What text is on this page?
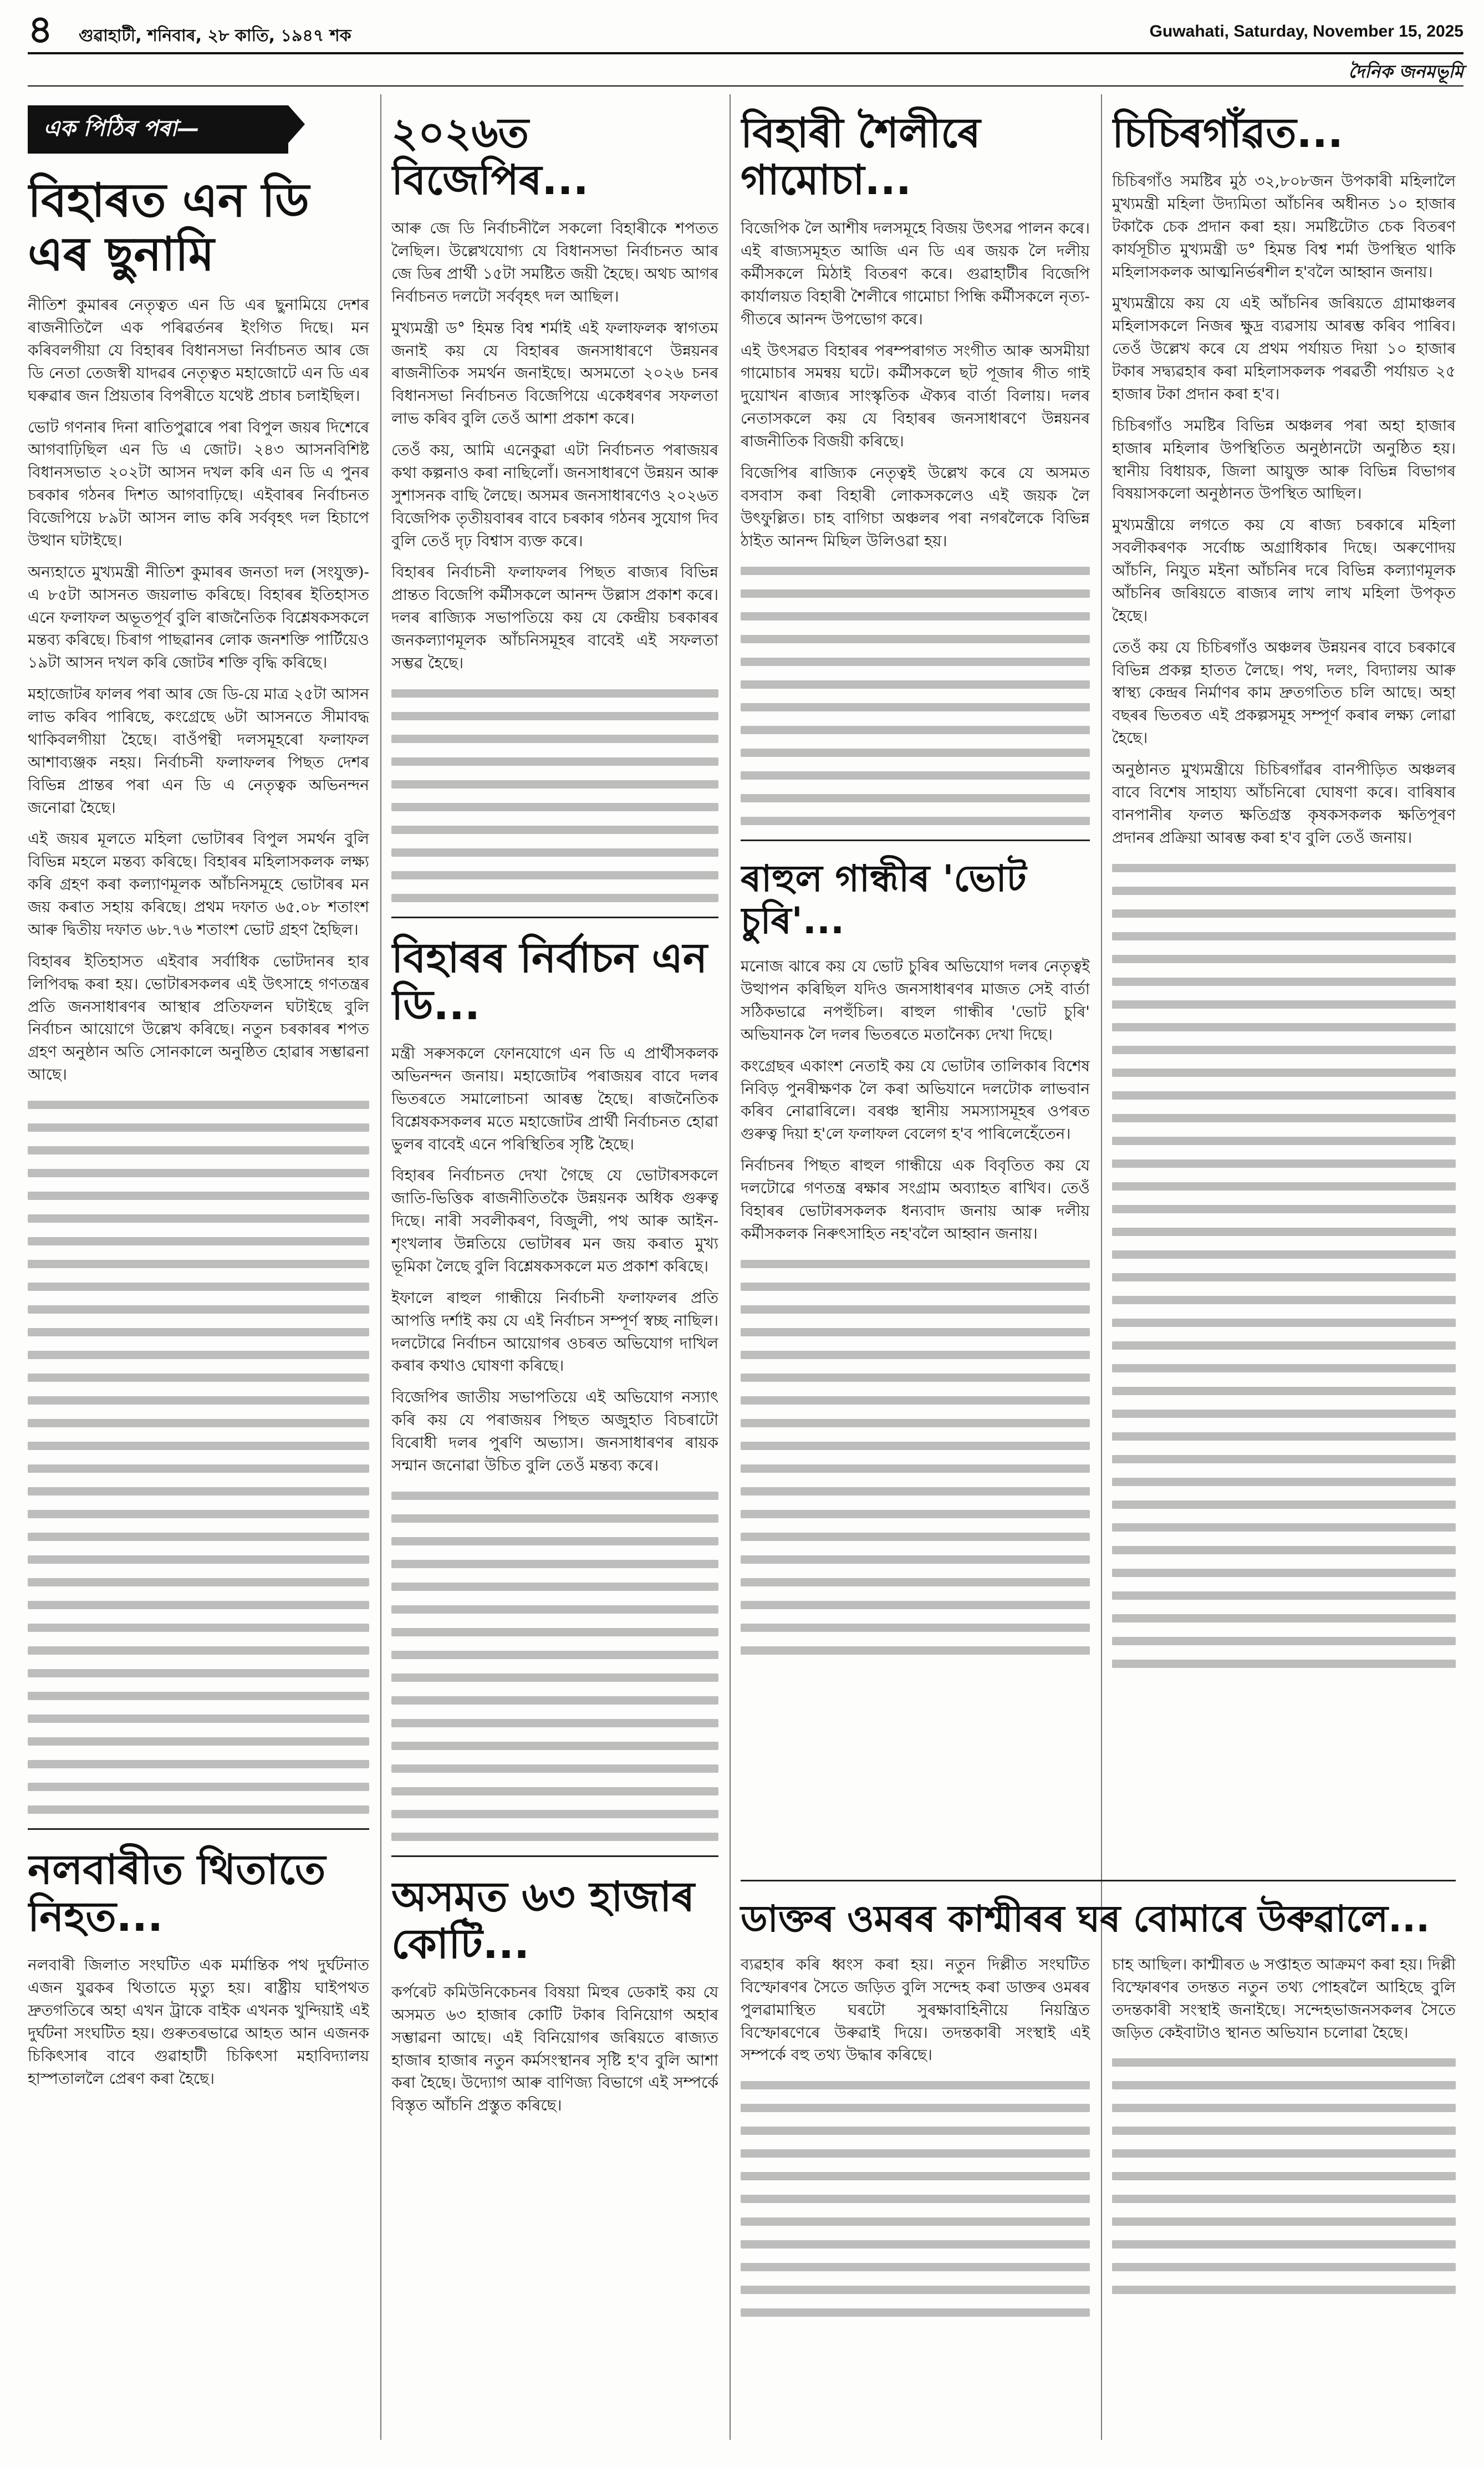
৪ গুৱাহাটী, শনিবাৰ, ২৮ কাতি, ১৯৪৭ শক	Guwahati, Saturday, November 15, 2025
দৈনিক জনমভূমি
এক পিঠিৰ পৰা—
বিহাৰত এন ডি এৰ ছুনামি

নীতিশ কুমাৰৰ নেতৃত্বত এন ডি এৰ ছুনামিয়ে দেশৰ ৰাজনীতিলৈ এক পৰিৱৰ্তনৰ ইংগিত দিছে। মন কৰিবলগীয়া যে বিহাৰৰ বিধানসভা নিৰ্বাচনত আৰ জে ডি নেতা তেজস্বী যাদৱৰ নেতৃত্বত মহাজোটে এন ডি এৰ ঘৰুৱাৰ জন প্ৰিয়তাৰ বিপৰীতে যথেষ্ট প্ৰচাৰ চলাইছিল।

ভোট গণনাৰ দিনা ৰাতিপুৱাৰে পৰা বিপুল জয়ৰ দিশেৰে আগবাঢ়িছিল এন ডি এ জোট। ২৪৩ আসনবিশিষ্ট বিধানসভাত ২০২টা আসন দখল কৰি এন ডি এ পুনৰ চৰকাৰ গঠনৰ দিশত আগবাঢ়িছে। এইবাৰৰ নিৰ্বাচনত বিজেপিয়ে ৮৯টা আসন লাভ কৰি সৰ্ববৃহৎ দল হিচাপে উত্থান ঘটাইছে।

অন্যহাতে মুখ্যমন্ত্ৰী নীতিশ কুমাৰৰ জনতা দল (সংযুক্ত)-এ ৮৫টা আসনত জয়লাভ কৰিছে। বিহাৰৰ ইতিহাসত এনে ফলাফল অভূতপূৰ্ব বুলি ৰাজনৈতিক বিশ্লেষকসকলে মন্তব্য কৰিছে। চিৰাগ পাছৱানৰ লোক জনশক্তি পাৰ্টিয়েও ১৯টা আসন দখল কৰি জোটৰ শক্তি বৃদ্ধি কৰিছে।

মহাজোটৰ ফালৰ পৰা আৰ জে ডি-য়ে মাত্ৰ ২৫টা আসন লাভ কৰিব পাৰিছে, কংগ্ৰেছে ৬টা আসনতে সীমাবদ্ধ থাকিবলগীয়া হৈছে। বাওঁপন্থী দলসমূহৰো ফলাফল আশাব্যঞ্জক নহয়। নিৰ্বাচনী ফলাফলৰ পিছত দেশৰ বিভিন্ন প্ৰান্তৰ পৰা এন ডি এ নেতৃত্বক অভিনন্দন জনোৱা হৈছে।

এই জয়ৰ মূলতে মহিলা ভোটাৰৰ বিপুল সমৰ্থন বুলি বিভিন্ন মহলে মন্তব্য কৰিছে। বিহাৰৰ মহিলাসকলক লক্ষ্য কৰি গ্ৰহণ কৰা কল্যাণমূলক আঁচনিসমূহে ভোটাৰৰ মন জয় কৰাত সহায় কৰিছে। প্ৰথম দফাত ৬৫.০৮ শতাংশ আৰু দ্বিতীয় দফাত ৬৮.৭৬ শতাংশ ভোট গ্ৰহণ হৈছিল।

বিহাৰৰ ইতিহাসত এইবাৰ সৰ্বাধিক ভোটদানৰ হাৰ লিপিবদ্ধ কৰা হয়। ভোটাৰসকলৰ এই উৎসাহে গণতন্ত্ৰৰ প্ৰতি জনসাধাৰণৰ আস্থাৰ প্ৰতিফলন ঘটাইছে বুলি নিৰ্বাচন আয়োগে উল্লেখ কৰিছে। নতুন চৰকাৰৰ শপত গ্ৰহণ অনুষ্ঠান অতি সোনকালে অনুষ্ঠিত হোৱাৰ সম্ভাৱনা আছে।

নলবাৰীত থিতাতে নিহত...

নলবাৰী জিলাত সংঘটিত এক মৰ্মান্তিক পথ দুৰ্ঘটনাত এজন যুৱকৰ থিতাতে মৃত্যু হয়। ৰাষ্ট্ৰীয় ঘাইপথত দ্ৰুতগতিৰে অহা এখন ট্ৰাকে বাইক এখনক খুন্দিয়াই এই দুৰ্ঘটনা সংঘটিত হয়। গুৰুতৰভাৱে আহত আন এজনক চিকিৎসাৰ বাবে গুৱাহাটী চিকিৎসা মহাবিদ্যালয় হাস্পতাললৈ প্ৰেৰণ কৰা হৈছে।

২০২৬ত বিজেপিৰ...

আৰু জে ডি নিৰ্বাচনীলৈ সকলো বিহাৰীকে শপতত লৈছিল। উল্লেখযোগ্য যে বিধানসভা নিৰ্বাচনত আৰ জে ডিৰ প্ৰাৰ্থী ১৫টা সমষ্টিত জয়ী হৈছে। অথচ আগৰ নিৰ্বাচনত দলটো সৰ্ববৃহৎ দল আছিল।

মুখ্যমন্ত্ৰী ড° হিমন্ত বিশ্ব শৰ্মাই এই ফলাফলক স্বাগতম জনাই কয় যে বিহাৰৰ জনসাধাৰণে উন্নয়নৰ ৰাজনীতিক সমৰ্থন জনাইছে। অসমতো ২০২৬ চনৰ বিধানসভা নিৰ্বাচনত বিজেপিয়ে একেধৰণৰ সফলতা লাভ কৰিব বুলি তেওঁ আশা প্ৰকাশ কৰে।

তেওঁ কয়, আমি এনেকুৱা এটা নিৰ্বাচনত পৰাজয়ৰ কথা কল্পনাও কৰা নাছিলোঁ। জনসাধাৰণে উন্নয়ন আৰু সুশাসনক বাছি লৈছে। অসমৰ জনসাধাৰণেও ২০২৬ত বিজেপিক তৃতীয়বাৰৰ বাবে চৰকাৰ গঠনৰ সুযোগ দিব বুলি তেওঁ দৃঢ় বিশ্বাস ব্যক্ত কৰে।

বিহাৰৰ নিৰ্বাচনী ফলাফলৰ পিছত ৰাজ্যৰ বিভিন্ন প্ৰান্তত বিজেপি কৰ্মীসকলে আনন্দ উল্লাস প্ৰকাশ কৰে। দলৰ ৰাজ্যিক সভাপতিয়ে কয় যে কেন্দ্ৰীয় চৰকাৰৰ জনকল্যাণমূলক আঁচনিসমূহৰ বাবেই এই সফলতা সম্ভৱ হৈছে।

বিহাৰৰ নিৰ্বাচন এন ডি...

মন্ত্ৰী সৰুসকলে ফোনযোগে এন ডি এ প্ৰাৰ্থীসকলক অভিনন্দন জনায়। মহাজোটৰ পৰাজয়ৰ বাবে দলৰ ভিতৰতে সমালোচনা আৰম্ভ হৈছে। ৰাজনৈতিক বিশ্লেষকসকলৰ মতে মহাজোটৰ প্ৰাৰ্থী নিৰ্বাচনত হোৱা ভুলৰ বাবেই এনে পৰিস্থিতিৰ সৃষ্টি হৈছে।

বিহাৰৰ নিৰ্বাচনত দেখা গৈছে যে ভোটাৰসকলে জাতি-ভিত্তিক ৰাজনীতিতকৈ উন্নয়নক অধিক গুৰুত্ব দিছে। নাৰী সবলীকৰণ, বিজুলী, পথ আৰু আইন-শৃংখলাৰ উন্নতিয়ে ভোটাৰৰ মন জয় কৰাত মুখ্য ভূমিকা লৈছে বুলি বিশ্লেষকসকলে মত প্ৰকাশ কৰিছে।

ইফালে ৰাহুল গান্ধীয়ে নিৰ্বাচনী ফলাফলৰ প্ৰতি আপত্তি দৰ্শাই কয় যে এই নিৰ্বাচন সম্পূৰ্ণ স্বচ্ছ নাছিল। দলটোৱে নিৰ্বাচন আয়োগৰ ওচৰত অভিযোগ দাখিল কৰাৰ কথাও ঘোষণা কৰিছে।

বিজেপিৰ জাতীয় সভাপতিয়ে এই অভিযোগ নস্যাৎ কৰি কয় যে পৰাজয়ৰ পিছত অজুহাত বিচৰাটো বিৰোধী দলৰ পুৰণি অভ্যাস। জনসাধাৰণৰ ৰায়ক সন্মান জনোৱা উচিত বুলি তেওঁ মন্তব্য কৰে।

অসমত ৬৩ হাজাৰ কোটি...

কৰ্পৰেট কমিউনিকেচনৰ বিষয়া মিহুৰ ডেকাই কয় যে অসমত ৬৩ হাজাৰ কোটি টকাৰ বিনিয়োগ অহাৰ সম্ভাৱনা আছে। এই বিনিয়োগৰ জৰিয়তে ৰাজ্যত হাজাৰ হাজাৰ নতুন কৰ্মসংস্থানৰ সৃষ্টি হ'ব বুলি আশা কৰা হৈছে। উদ্যোগ আৰু বাণিজ্য বিভাগে এই সম্পৰ্কে বিস্তৃত আঁচনি প্ৰস্তুত কৰিছে।

বিহাৰী শৈলীৰে গামোচা...

বিজেপিক লৈ আশীষ দলসমূহে বিজয় উৎসৱ পালন কৰে। এই ৰাজ্যসমূহত আজি এন ডি এৰ জয়ক লৈ দলীয় কৰ্মীসকলে মিঠাই বিতৰণ কৰে। গুৱাহাটীৰ বিজেপি কাৰ্যালয়ত বিহাৰী শৈলীৰে গামোচা পিন্ধি কৰ্মীসকলে নৃত্য-গীতৰে আনন্দ উপভোগ কৰে।

এই উৎসৱত বিহাৰৰ পৰম্পৰাগত সংগীত আৰু অসমীয়া গামোচাৰ সমন্বয় ঘটে। কৰ্মীসকলে ছট পূজাৰ গীত গাই দুয়োখন ৰাজ্যৰ সাংস্কৃতিক ঐক্যৰ বাৰ্তা বিলায়। দলৰ নেতাসকলে কয় যে বিহাৰৰ জনসাধাৰণে উন্নয়নৰ ৰাজনীতিক বিজয়ী কৰিছে।

বিজেপিৰ ৰাজ্যিক নেতৃত্বই উল্লেখ কৰে যে অসমত বসবাস কৰা বিহাৰী লোকসকলেও এই জয়ক লৈ উৎফুল্লিত। চাহ বাগিচা অঞ্চলৰ পৰা নগৰলৈকে বিভিন্ন ঠাইত আনন্দ মিছিল উলিওৱা হয়।

ৰাহুল গান্ধীৰ 'ভোট চুৰি'...

মনোজ ঝাৰে কয় যে ভোট চুৰিৰ অভিযোগ দলৰ নেতৃত্বই উত্থাপন কৰিছিল যদিও জনসাধাৰণৰ মাজত সেই বাৰ্তা সঠিকভাৱে নপহুঁচিল। ৰাহুল গান্ধীৰ 'ভোট চুৰি' অভিযানক লৈ দলৰ ভিতৰতে মতানৈক্য দেখা দিছে।

কংগ্ৰেছৰ একাংশ নেতাই কয় যে ভোটাৰ তালিকাৰ বিশেষ নিবিড় পুনৰীক্ষণক লৈ কৰা অভিযানে দলটোক লাভবান কৰিব নোৱাৰিলে। বৰঞ্চ স্থানীয় সমস্যাসমূহৰ ওপৰত গুৰুত্ব দিয়া হ'লে ফলাফল বেলেগ হ'ব পাৰিলেহেঁতেন।

নিৰ্বাচনৰ পিছত ৰাহুল গান্ধীয়ে এক বিবৃতিত কয় যে দলটোৱে গণতন্ত্ৰ ৰক্ষাৰ সংগ্ৰাম অব্যাহত ৰাখিব। তেওঁ বিহাৰৰ ভোটাৰসকলক ধন্যবাদ জনায় আৰু দলীয় কৰ্মীসকলক নিৰুৎসাহিত নহ'বলৈ আহ্বান জনায়।

ডাক্তৰ ওমৰৰ কাশ্মীৰৰ ঘৰ বোমাৰে উৰুৱালে...

ব্যৱহাৰ কৰি ধ্বংস কৰা হয়। নতুন দিল্লীত সংঘটিত বিস্ফোৰণৰ সৈতে জড়িত বুলি সন্দেহ কৰা ডাক্তৰ ওমৰৰ পুলৱামাস্থিত ঘৰটো সুৰক্ষাবাহিনীয়ে নিয়ন্ত্ৰিত বিস্ফোৰণেৰে উৰুৱাই দিয়ে। তদন্তকাৰী সংস্থাই এই সম্পৰ্কে বহু তথ্য উদ্ধাৰ কৰিছে।

চাহ আছিল। কাশ্মীৰত ৬ সপ্তাহত আক্ৰমণ কৰা হয়। দিল্লী বিস্ফোৰণৰ তদন্তত নতুন তথ্য পোহৰলৈ আহিছে বুলি তদন্তকাৰী সংস্থাই জনাইছে। সন্দেহভাজনসকলৰ সৈতে জড়িত কেইবাটাও স্থানত অভিযান চলোৱা হৈছে।

চিচিৰগাঁৱত...

চিচিৰগাঁও সমষ্টিৰ মুঠ ৩২,৮০৮জন উপকাৰী মহিলালৈ মুখ্যমন্ত্ৰী মহিলা উদ্যমিতা আঁচনিৰ অধীনত ১০ হাজাৰ টকাকৈ চেক প্ৰদান কৰা হয়। সমষ্টিটোত চেক বিতৰণ কাৰ্যসূচীত মুখ্যমন্ত্ৰী ড° হিমন্ত বিশ্ব শৰ্মা উপস্থিত থাকি মহিলাসকলক আত্মনিৰ্ভৰশীল হ'বলৈ আহ্বান জনায়।

মুখ্যমন্ত্ৰীয়ে কয় যে এই আঁচনিৰ জৰিয়তে গ্ৰামাঞ্চলৰ মহিলাসকলে নিজৰ ক্ষুদ্ৰ ব্যৱসায় আৰম্ভ কৰিব পাৰিব। তেওঁ উল্লেখ কৰে যে প্ৰথম পৰ্যায়ত দিয়া ১০ হাজাৰ টকাৰ সদ্ব্যৱহাৰ কৰা মহিলাসকলক পৰৱৰ্তী পৰ্যায়ত ২৫ হাজাৰ টকা প্ৰদান কৰা হ'ব।

চিচিৰগাঁও সমষ্টিৰ বিভিন্ন অঞ্চলৰ পৰা অহা হাজাৰ হাজাৰ মহিলাৰ উপস্থিতিত অনুষ্ঠানটো অনুষ্ঠিত হয়। স্থানীয় বিধায়ক, জিলা আয়ুক্ত আৰু বিভিন্ন বিভাগৰ বিষয়াসকলো অনুষ্ঠানত উপস্থিত আছিল।

মুখ্যমন্ত্ৰীয়ে লগতে কয় যে ৰাজ্য চৰকাৰে মহিলা সবলীকৰণক সৰ্বোচ্চ অগ্ৰাধিকাৰ দিছে। অৰুণোদয় আঁচনি, নিযুত মইনা আঁচনিৰ দৰে বিভিন্ন কল্যাণমূলক আঁচনিৰ জৰিয়তে ৰাজ্যৰ লাখ লাখ মহিলা উপকৃত হৈছে।

তেওঁ কয় যে চিচিৰগাঁও অঞ্চলৰ উন্নয়নৰ বাবে চৰকাৰে বিভিন্ন প্ৰকল্প হাতত লৈছে। পথ, দলং, বিদ্যালয় আৰু স্বাস্থ্য কেন্দ্ৰৰ নিৰ্মাণৰ কাম দ্ৰুতগতিত চলি আছে। অহা বছৰৰ ভিতৰত এই প্ৰকল্পসমূহ সম্পূৰ্ণ কৰাৰ লক্ষ্য লোৱা হৈছে।

অনুষ্ঠানত মুখ্যমন্ত্ৰীয়ে চিচিৰগাঁৱৰ বানপীড়িত অঞ্চলৰ বাবে বিশেষ সাহায্য আঁচনিৰো ঘোষণা কৰে। বাৰিষাৰ বানপানীৰ ফলত ক্ষতিগ্ৰস্ত কৃষকসকলক ক্ষতিপূৰণ প্ৰদানৰ প্ৰক্ৰিয়া আৰম্ভ কৰা হ'ব বুলি তেওঁ জনায়।
